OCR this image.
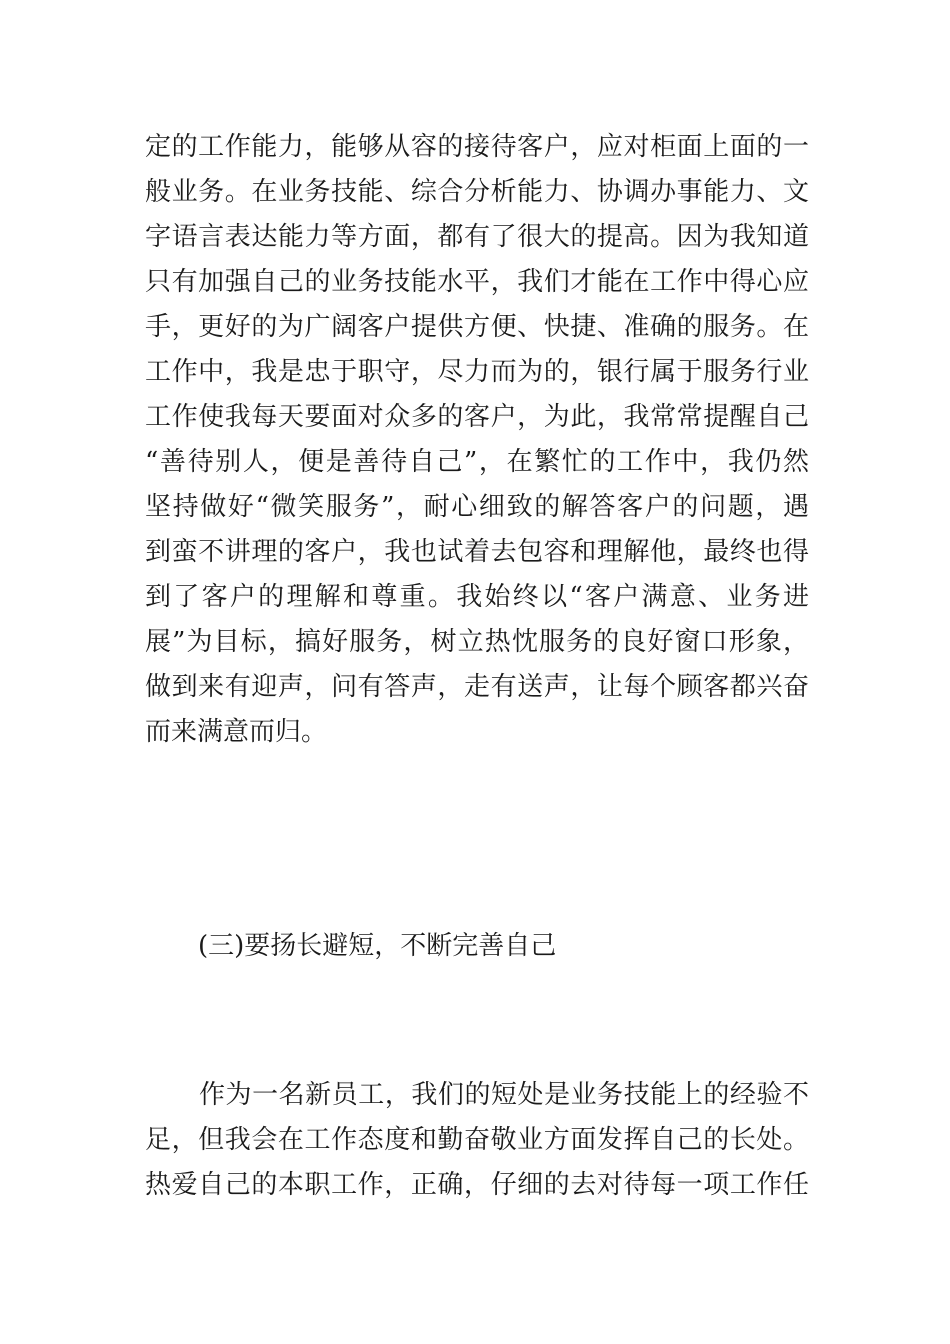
定的工作能力，能够从容的接待客户，应对柜面上面的一
般业务。在业务技能、综合分析能力、协调办事能力、文
字语言表达能力等方面，都有了很大的提高。因为我知道
只有加强自己的业务技能水平，我们才能在工作中得心应
手，更好的为广阔客户提供方便、快捷、准确的服务。在
工作中，我是忠于职守，尽力而为的，银行属于服务行业
工作使我每天要面对众多的客户，为此，我常常提醒自己
“善待别人，便是善待自己”，在繁忙的工作中，我仍然
坚持做好“微笑服务”，耐心细致的解答客户的问题，遇
到蛮不讲理的客户，我也试着去包容和理解他，最终也得
到了客户的理解和尊重。我始终以“客户满意、业务进
展”为目标，搞好服务，树立热忱服务的良好窗口形象，
做到来有迎声，问有答声，走有送声，让每个顾客都兴奋
而来满意而归。
(三)要扬长避短，不断完善自己
作为一名新员工，我们的短处是业务技能上的经验不
足，但我会在工作态度和勤奋敬业方面发挥自己的长处。
热爱自己的本职工作，正确，仔细的去对待每一项工作任
